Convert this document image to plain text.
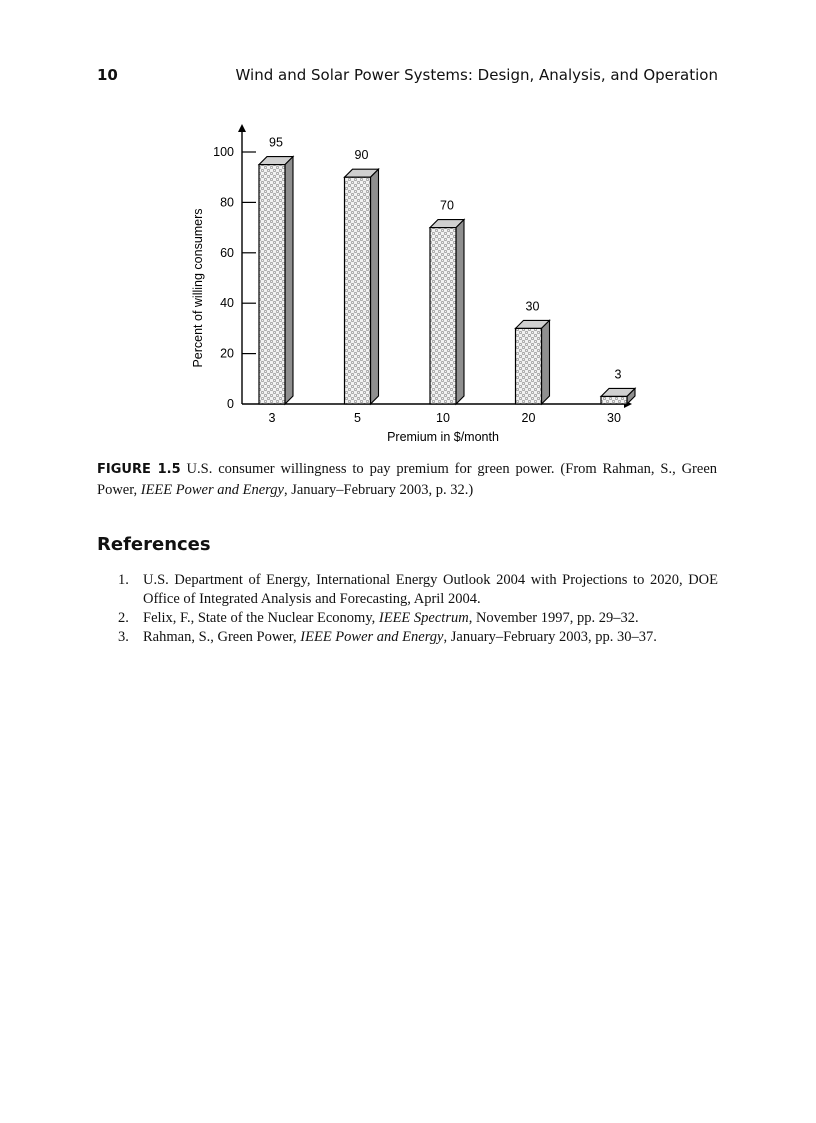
10	Wind and Solar Power Systems: Design, Analysis, and Operation
0
20
40
60
80
100
Percent of willing consumers
95
3
90
5
70
10
30
20
3
30
Premium in $/month
FIGURE 1.5 U.S. consumer willingness to pay premium for green power. (From Rahman, S., Green Power, IEEE Power and Energy, January–February 2003, p. 32.)
References
1. U.S. Department of Energy, International Energy Outlook 2004 with Projections to 2020, DOE Office of Integrated Analysis and Forecasting, April 2004.
2. Felix, F., State of the Nuclear Economy, IEEE Spectrum, November 1997, pp. 29–32.
3. Rahman, S., Green Power, IEEE Power and Energy, January–February 2003, pp. 30–37.
